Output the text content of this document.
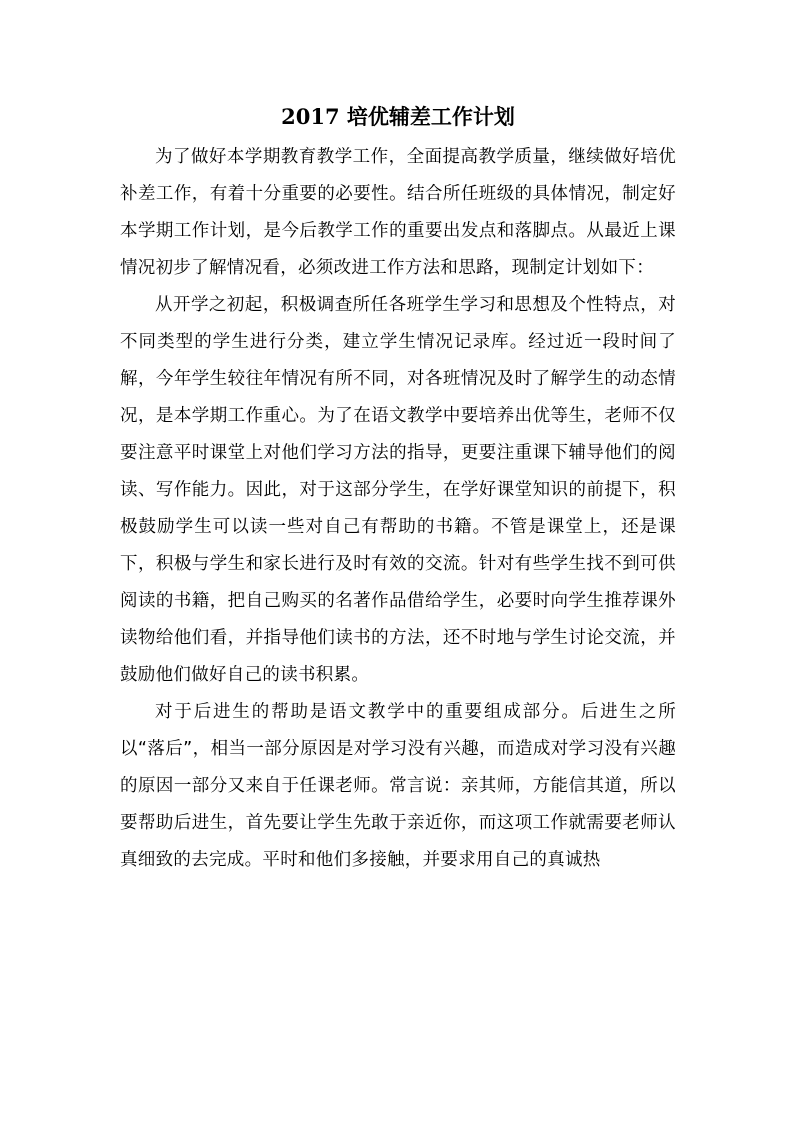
2017 培优辅差工作计划

为了做好本学期教育教学工作，全面提高教学质量，继续做好培优补差工作，有着十分重要的必要性。结合所任班级的具体情况，制定好本学期工作计划，是今后教学工作的重要出发点和落脚点。从最近上课情况初步了解情况看，必须改进工作方法和思路，现制定计划如下：

从开学之初起，积极调查所任各班学生学习和思想及个性特点，对不同类型的学生进行分类，建立学生情况记录库。经过近一段时间了解，今年学生较往年情况有所不同，对各班情况及时了解学生的动态情况，是本学期工作重心。为了在语文教学中要培养出优等生，老师不仅要注意平时课堂上对他们学习方法的指导，更要注重课下辅导他们的阅读、写作能力。因此，对于这部分学生，在学好课堂知识的前提下，积极鼓励学生可以读一些对自己有帮助的书籍。不管是课堂上，还是课下，积极与学生和家长进行及时有效的交流。针对有些学生找不到可供阅读的书籍，把自己购买的名著作品借给学生，必要时向学生推荐课外读物给他们看，并指导他们读书的方法，还不时地与学生讨论交流，并鼓励他们做好自己的读书积累。

对于后进生的帮助是语文教学中的重要组成部分。后进生之所以“落后”，相当一部分原因是对学习没有兴趣，而造成对学习没有兴趣的原因一部分又来自于任课老师。常言说：亲其师，方能信其道，所以要帮助后进生，首先要让学生先敢于亲近你，而这项工作就需要老师认真细致的去完成。平时和他们多接触，并要求用自己的真诚热
